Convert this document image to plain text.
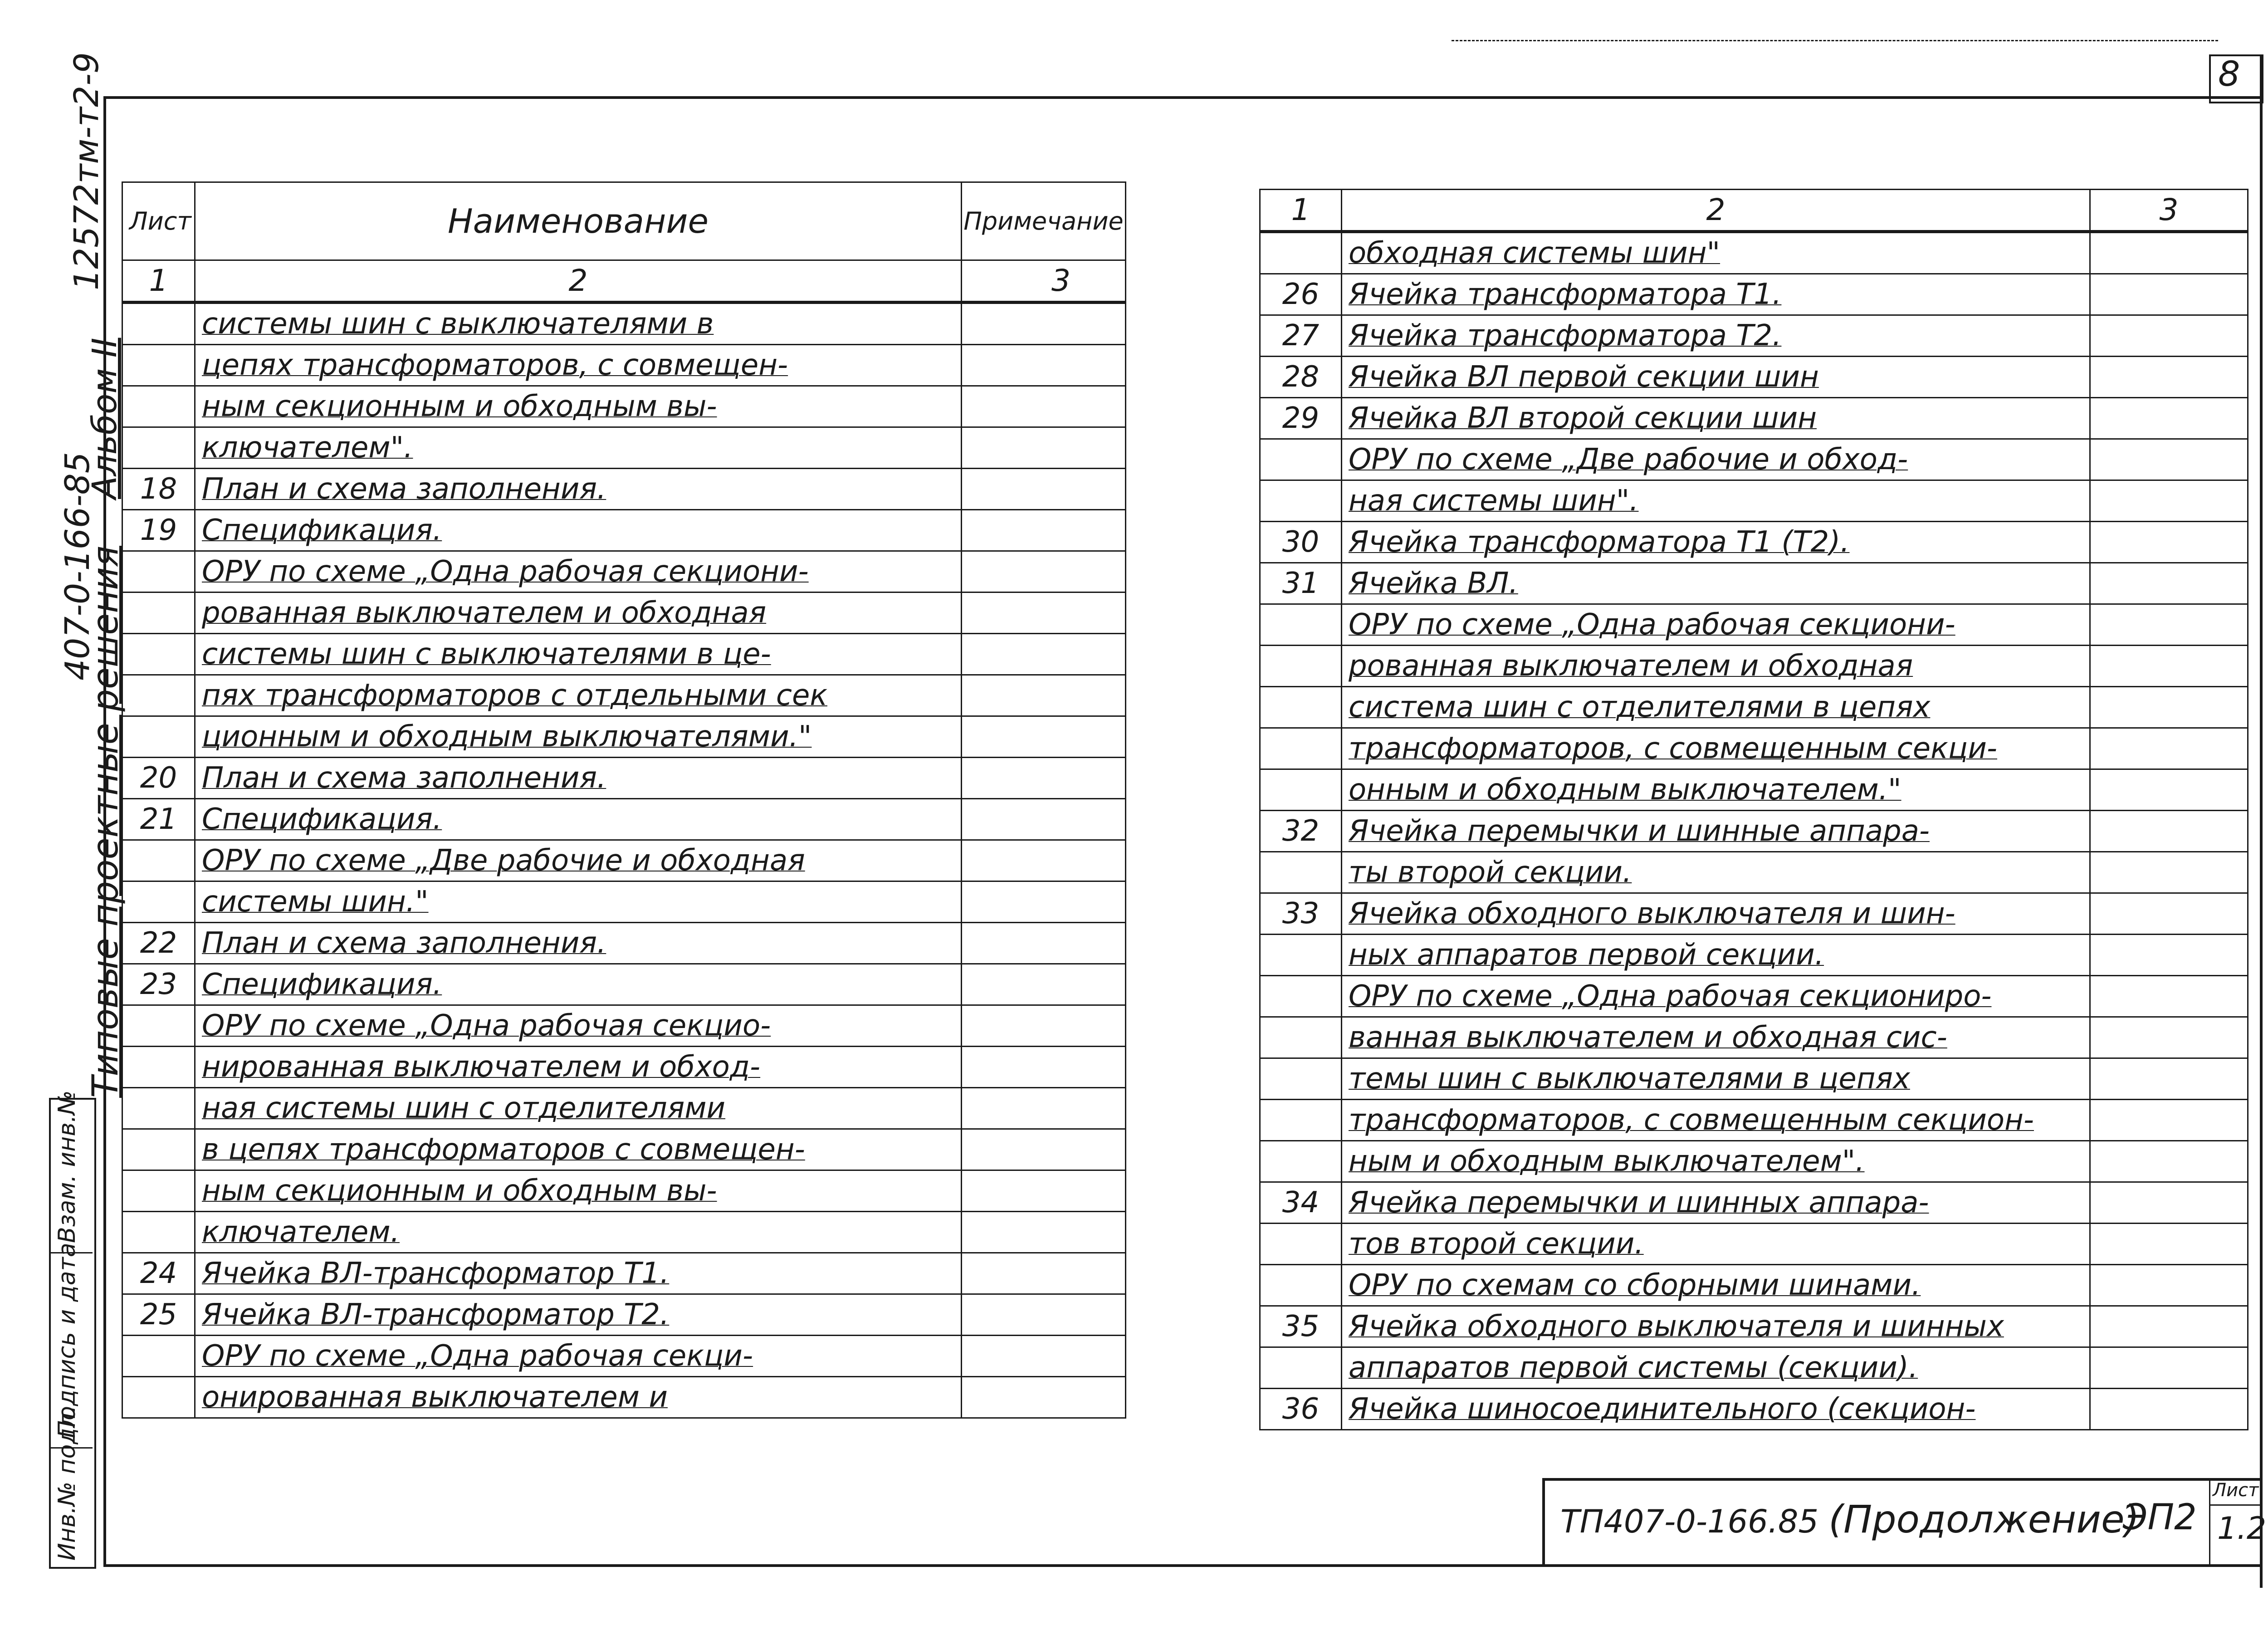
8
12572тм-т2-9
Альбом II
407-0-166-85
Типовые проектные решения
Взам. инв.№
Подпись и дата
Инв.№ подл.
Лист	Наименование	Примечание
1	2	3
	системы шин с выключателями в	
	цепях трансформаторов, с совмещен-	
	ным секционным и обходным вы-	
	ключателем".	
18	План и схема заполнения.	
19	Спецификация.	
	ОРУ по схеме „Одна рабочая секциони-	
	рованная выключателем и обходная	
	системы шин с выключателями в це-	
	пях трансформаторов с отдельными сек	
	ционным и обходным выключателями."	
20	План и схема заполнения.	
21	Спецификация.	
	ОРУ по схеме „Две рабочие и обходная	
	системы шин."	
22	План и схема заполнения.	
23	Спецификация.	
	ОРУ по схеме „Одна рабочая секцио-	
	нированная выключателем и обход-	
	ная системы шин с отделителями	
	в цепях трансформаторов с совмещен-	
	ным секционным и обходным вы-	
	ключателем.	
24	Ячейка ВЛ-трансформатор Т1.	
25	Ячейка ВЛ-трансформатор Т2.	
	ОРУ по схеме „Одна рабочая секци-	
	онированная выключателем и	
1	2	3
	обходная системы шин"	
26	Ячейка трансформатора Т1.	
27	Ячейка трансформатора Т2.	
28	Ячейка ВЛ первой секции шин	
29	Ячейка ВЛ второй секции шин	
	ОРУ по схеме „Две рабочие и обход-	
	ная системы шин".	
30	Ячейка трансформатора Т1 (Т2).	
31	Ячейка ВЛ.	
	ОРУ по схеме „Одна рабочая секциони-	
	рованная выключателем и обходная	
	система шин с отделителями в цепях	
	трансформаторов, с совмещенным секци-	
	онным и обходным выключателем."	
32	Ячейка перемычки и шинные аппара-	
	ты второй секции.	
33	Ячейка обходного выключателя и шин-	
	ных аппаратов первой секции.	
	ОРУ по схеме „Одна рабочая секциониро-	
	ванная выключателем и обходная сис-	
	темы шин с выключателями в цепях	
	трансформаторов, с совмещенным секцион-	
	ным и обходным выключателем".	
34	Ячейка перемычки и шинных аппара-	
	тов второй секции.	
	ОРУ по схемам со сборными шинами.	
35	Ячейка обходного выключателя и шинных	
	аппаратов первой системы (секции).	
36	Ячейка шиносоединительного (секцион-	
ТП407-0-166.85 (Продолжение)
ЭП2
Лист
1.2
